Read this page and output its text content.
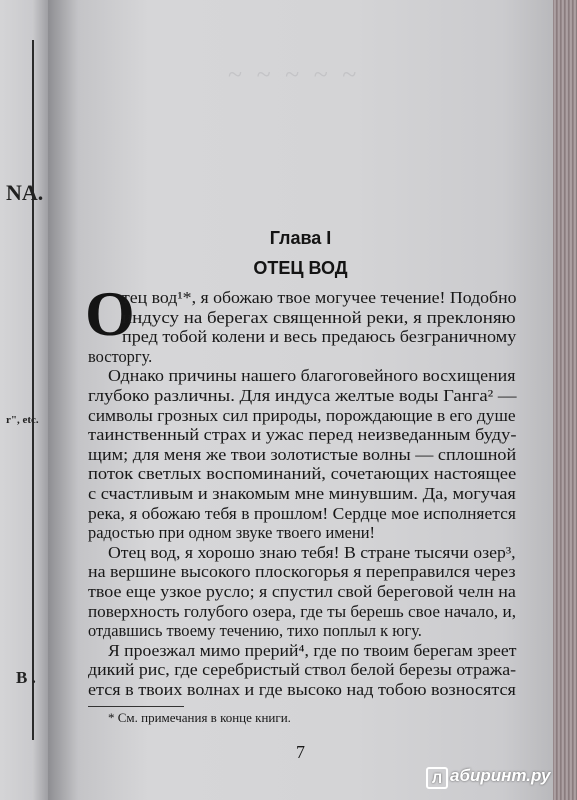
NA.
r", etc.
B .
~ ~ ~ ~ ~
Глава I
ОТЕЦ ВОД
О
тец вод¹*, я обожаю твое могучее течение! Подобно
индусу на берегах священной реки, я преклоняю
пред тобой колени и весь предаюсь безграничному
восторгу.
Однако причины нашего благоговейного восхищения
глубоко различны. Для индуса желтые воды Ганга² —
символы грозных сил природы, порождающие в его душе
таинственный страх и ужас перед неизведанным буду-
щим; для меня же твои золотистые волны — сплошной
поток светлых воспоминаний, сочетающих настоящее
с счастливым и знакомым мне минувшим. Да, могучая
река, я обожаю тебя в прошлом! Сердце мое исполняется
радостью при одном звуке твоего имени!
Отец вод, я хорошо знаю тебя! В стране тысячи озер³,
на вершине высокого плоскогорья я переправился через
твое еще узкое русло; я спустил свой береговой челн на
поверхность голубого озера, где ты берешь свое начало, и,
отдавшись твоему течению, тихо поплыл к югу.
Я проезжал мимо прерий⁴, где по твоим берегам зреет
дикий рис, где серебристый ствол белой березы отража-
ется в твоих волнах и где высоко над тобою возносятся
* См. примечания в конце книги.
7
Л абиринт.ру
